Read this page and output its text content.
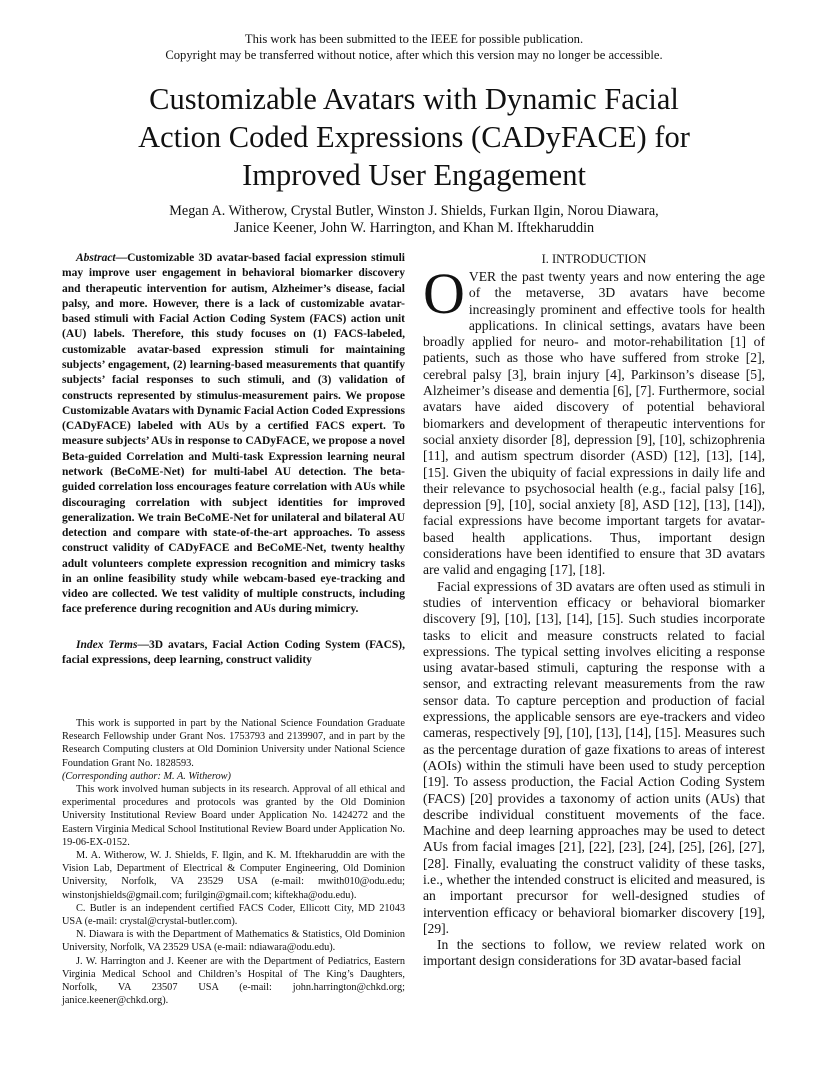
This work has been submitted to the IEEE for possible publication.
Copyright may be transferred without notice, after which this version may no longer be accessible.
Customizable Avatars with Dynamic Facial
Action Coded Expressions (CADyFACE) for
Improved User Engagement
Megan A. Witherow, Crystal Butler, Winston J. Shields, Furkan Ilgin, Norou Diawara,
Janice Keener, John W. Harrington, and Khan M. Iftekharuddin

Abstract—Customizable 3D avatar-based facial expression stimuli may improve user engagement in behavioral biomarker discovery and therapeutic intervention for autism, Alzheimer’s disease, facial palsy, and more. However, there is a lack of customizable avatar-based stimuli with Facial Action Coding System (FACS) action unit (AU) labels. Therefore, this study focuses on (1) FACS-labeled, customizable avatar-based expression stimuli for maintaining subjects’ engagement, (2) learning-based measurements that quantify subjects’ facial responses to such stimuli, and (3) validation of constructs represented by stimulus-measurement pairs. We propose Customizable Avatars with Dynamic Facial Action Coded Expressions (CADyFACE) labeled with AUs by a certified FACS expert. To measure subjects’ AUs in response to CADyFACE, we propose a novel Beta-guided Correlation and Multi-task Expression learning neural network (BeCoME-Net) for multi-label AU detection. The beta-guided correlation loss encourages feature correlation with AUs while discouraging correlation with subject identities for improved generalization. We train BeCoME-Net for unilateral and bilateral AU detection and compare with state-of-the-art approaches. To assess construct validity of CADyFACE and BeCoME-Net, twenty healthy adult volunteers complete expression recognition and mimicry tasks in an online feasibility study while webcam-based eye-tracking and video are collected. We test validity of multiple constructs, including face preference during recognition and AUs during mimicry.

Index Terms—3D avatars, Facial Action Coding System (FACS), facial expressions, deep learning, construct validity

This work is supported in part by the National Science Foundation Graduate Research Fellowship under Grant Nos. 1753793 and 2139907, and in part by the Research Computing clusters at Old Dominion University under National Science Foundation Grant No. 1828593.

(Corresponding author: M. A. Witherow)

This work involved human subjects in its research. Approval of all ethical and experimental procedures and protocols was granted by the Old Dominion University Institutional Review Board under Application No. 1424272 and the Eastern Virginia Medical School Institutional Review Board under Application No. 19-06-EX-0152.

M. A. Witherow, W. J. Shields, F. Ilgin, and K. M. Iftekharuddin are with the Vision Lab, Department of Electrical & Computer Engineering, Old Dominion University, Norfolk, VA 23529 USA (e-mail: mwith010@odu.edu; winstonjshields@gmail.com; furilgin@gmail.com; kiftekha@odu.edu).

C. Butler is an independent certified FACS Coder, Ellicott City, MD 21043 USA (e-mail: crystal@crystal-butler.com).

N. Diawara is with the Department of Mathematics & Statistics, Old Dominion University, Norfolk, VA 23529 USA (e-mail: ndiawara@odu.edu).

J. W. Harrington and J. Keener are with the Department of Pediatrics, Eastern Virginia Medical School and Children’s Hospital of The King’s Daughters, Norfolk, VA 23507 USA (e-mail: john.harrington@chkd.org; janice.keener@chkd.org).

I. INTRODUCTION

OVER the past twenty years and now entering the age of the metaverse, 3D avatars have become increasingly prominent and effective tools for health applications. In clinical settings, avatars have been broadly applied for neuro- and motor-rehabilitation [1] of patients, such as those who have suffered from stroke [2], cerebral palsy [3], brain injury [4], Parkinson’s disease [5], Alzheimer’s disease and dementia [6], [7]. Furthermore, social avatars have aided discovery of potential behavioral biomarkers and development of therapeutic interventions for social anxiety disorder [8], depression [9], [10], schizophrenia [11], and autism spectrum disorder (ASD) [12], [13], [14], [15]. Given the ubiquity of facial expressions in daily life and their relevance to psychosocial health (e.g., facial palsy [16], depression [9], [10], social anxiety [8], ASD [12], [13], [14]), facial expressions have become important targets for avatar-based health applications. Thus, important design considerations have been identified to ensure that 3D avatars are valid and engaging [17], [18].

Facial expressions of 3D avatars are often used as stimuli in studies of intervention efficacy or behavioral biomarker discovery [9], [10], [13], [14], [15]. Such studies incorporate tasks to elicit and measure constructs related to facial expressions. The typical setting involves eliciting a response using avatar-based stimuli, capturing the response with a sensor, and extracting relevant measurements from the raw sensor data. To capture perception and production of facial expressions, the applicable sensors are eye-trackers and video cameras, respectively [9], [10], [13], [14], [15]. Measures such as the percentage duration of gaze fixations to areas of interest (AOIs) within the stimuli have been used to study perception [19]. To assess production, the Facial Action Coding System (FACS) [20] provides a taxonomy of action units (AUs) that describe individual constituent movements of the face. Machine and deep learning approaches may be used to detect AUs from facial images [21], [22], [23], [24], [25], [26], [27], [28]. Finally, evaluating the construct validity of these tasks, i.e., whether the intended construct is elicited and measured, is an important precursor for well-designed studies of intervention efficacy or behavioral biomarker discovery [19], [29].

In the sections to follow, we review related work on important design considerations for 3D avatar-based facial
